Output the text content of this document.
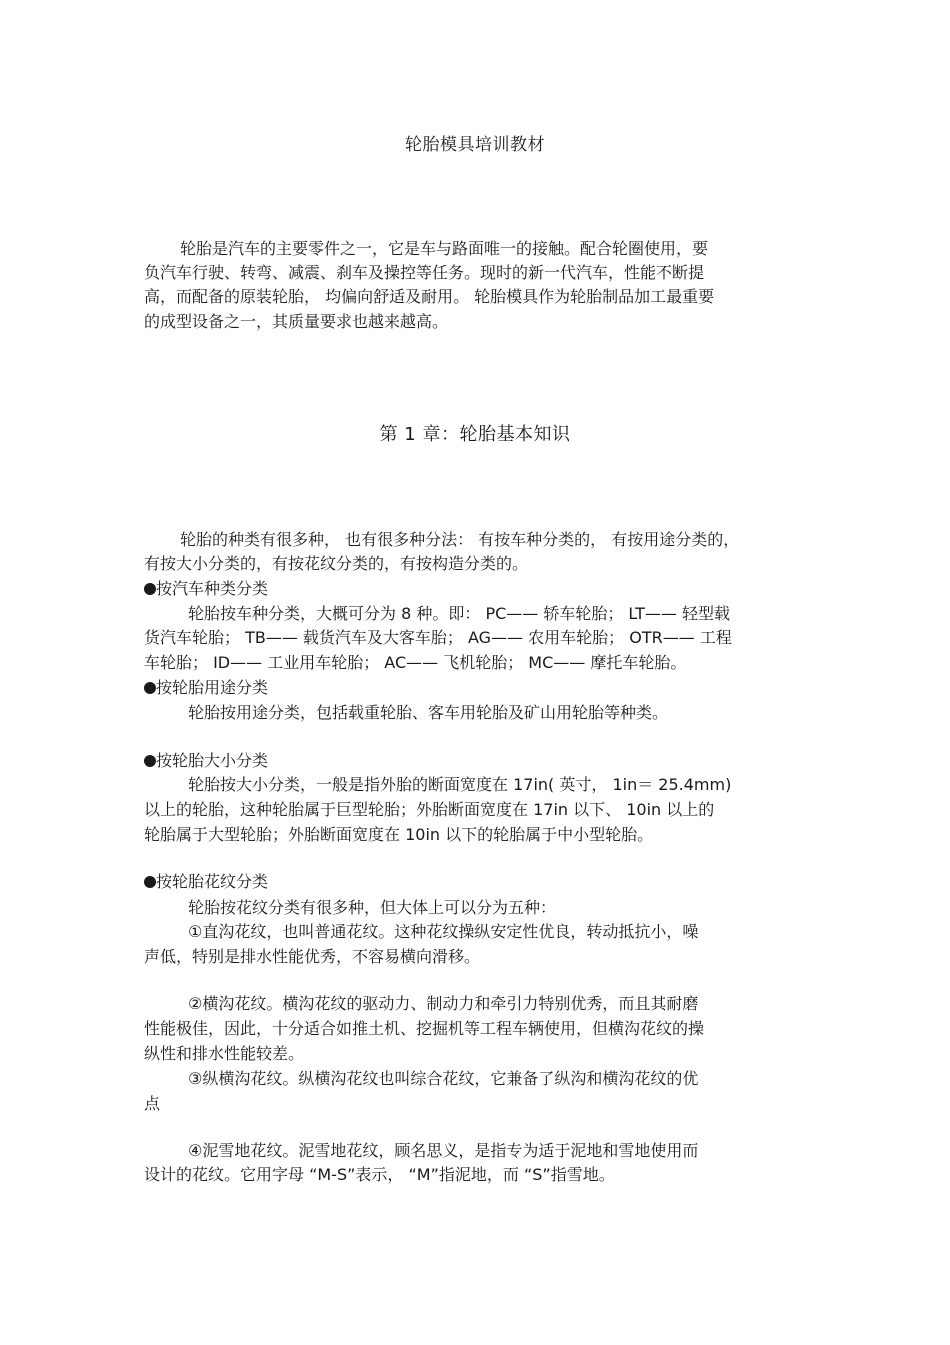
轮胎模具培训教材
轮胎是汽车的主要零件之一，它是车与路面唯一的接触。配合轮圈使用，要
负汽车行驶、转弯、减震、刹车及操控等任务。现时的新一代汽车，性能不断提
高，而配备的原装轮胎， 均偏向舒适及耐用。 轮胎模具作为轮胎制品加工最重要
的成型设备之一，其质量要求也越来越高。
第 1 章：轮胎基本知识
轮胎的种类有很多种， 也有很多种分法： 有按车种分类的， 有按用途分类的，
有按大小分类的，有按花纹分类的，有按构造分类的。
按汽车种类分类
轮胎按车种分类，大概可分为 8 种。即： PC—— 轿车轮胎； LT—— 轻型载
货汽车轮胎； TB—— 载货汽车及大客车胎； AG—— 农用车轮胎； OTR—— 工程
车轮胎； ID—— 工业用车轮胎； AC—— 飞机轮胎； MC—— 摩托车轮胎。
按轮胎用途分类
轮胎按用途分类，包括载重轮胎、客车用轮胎及矿山用轮胎等种类。
按轮胎大小分类
轮胎按大小分类，一般是指外胎的断面宽度在 17in( 英寸， 1in＝ 25.4mm)
以上的轮胎，这种轮胎属于巨型轮胎；外胎断面宽度在 17in 以下、 10in 以上的
轮胎属于大型轮胎；外胎断面宽度在 10in 以下的轮胎属于中小型轮胎。
按轮胎花纹分类
轮胎按花纹分类有很多种，但大体上可以分为五种：
①直沟花纹，也叫普通花纹。这种花纹操纵安定性优良，转动抵抗小，噪
声低，特别是排水性能优秀，不容易横向滑移。
②横沟花纹。横沟花纹的驱动力、制动力和牵引力特别优秀，而且其耐磨
性能极佳，因此，十分适合如推土机、挖掘机等工程车辆使用，但横沟花纹的操
纵性和排水性能较差。
③纵横沟花纹。纵横沟花纹也叫综合花纹，它兼备了纵沟和横沟花纹的优
点
④泥雪地花纹。泥雪地花纹，顾名思义，是指专为适于泥地和雪地使用而
设计的花纹。它用字母 “M-S”表示， “M”指泥地，而 “S”指雪地。
